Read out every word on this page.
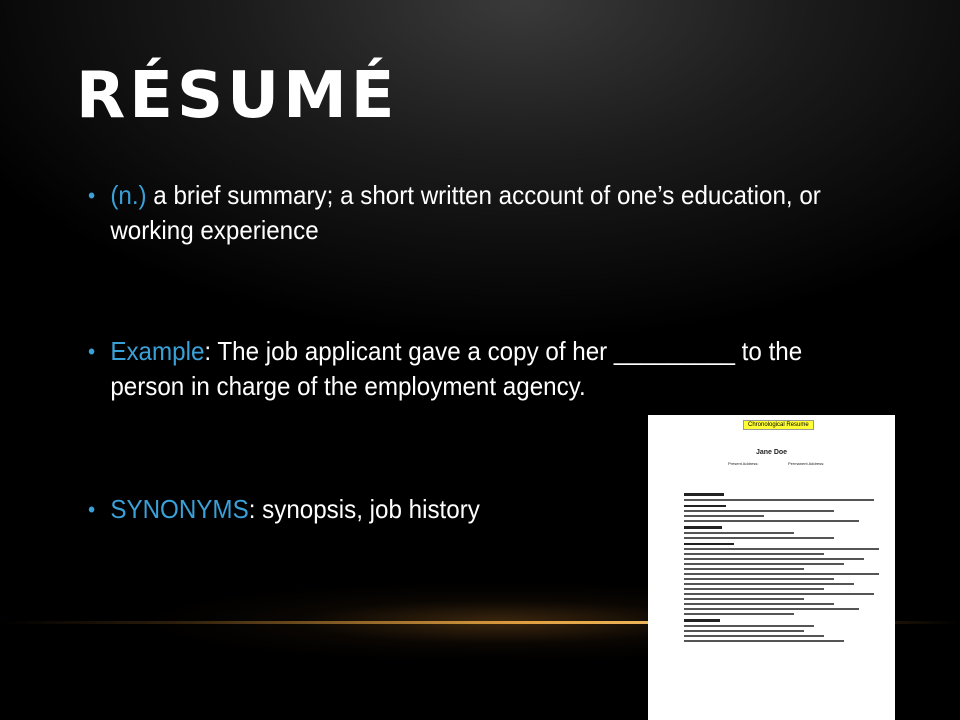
RÉSUMÉ
• (n.) a brief summary; a short written account of one’s education, or working experience
• Example: The job applicant gave a copy of her _________ to the person in charge of the employment agency.
• SYNONYMS: synopsis, job history
Chronological Resume
Jane Doe
Present Address:	Permanent Address:
